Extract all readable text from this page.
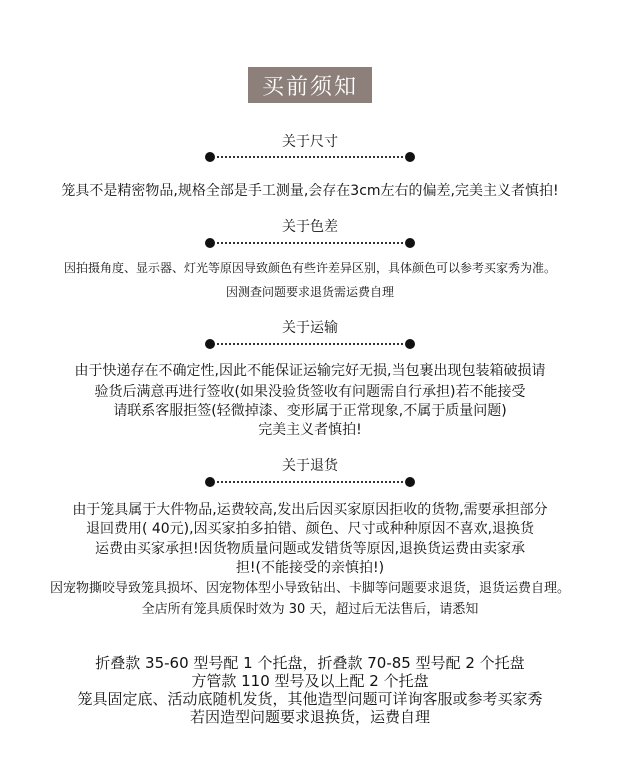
买前须知
关于尺寸
笼具不是精密物品,规格全部是手工测量,会存在3cm左右的偏差,完美主义者慎拍!
关于色差
因拍摄角度、显示器、灯光等原因导致颜色有些许差异区别，具体颜色可以参考买家秀为准。
因测查问题要求退货需运费自理
关于运输
由于快递存在不确定性,因此不能保证运输完好无损,当包裹出现包装箱破损请
验货后满意再进行签收(如果没验货签收有问题需自行承担)若不能接受
请联系客服拒签(轻微掉漆、变形属于正常现象,不属于质量问题)
完美主义者慎拍!
关于退货
由于笼具属于大件物品,运费较高,发出后因买家原因拒收的货物,需要承担部分
退回费用( 40元),因买家拍多拍错、颜色、尺寸或种种原因不喜欢,退换货
运费由买家承担!因货物质量问题或发错货等原因,退换货运费由卖家承
担!(不能接受的亲慎拍!)
因宠物撕咬导致笼具损坏、因宠物体型小导致钻出、卡脚等问题要求退货，退货运费自理。
全店所有笼具质保时效为 30 天，超过后无法售后，请悉知
折叠款 35-60 型号配 1 个托盘，折叠款 70-85 型号配 2 个托盘
方管款 110 型号及以上配 2 个托盘
笼具固定底、活动底随机发货，其他造型问题可详询客服或参考买家秀
若因造型问题要求退换货，运费自理
